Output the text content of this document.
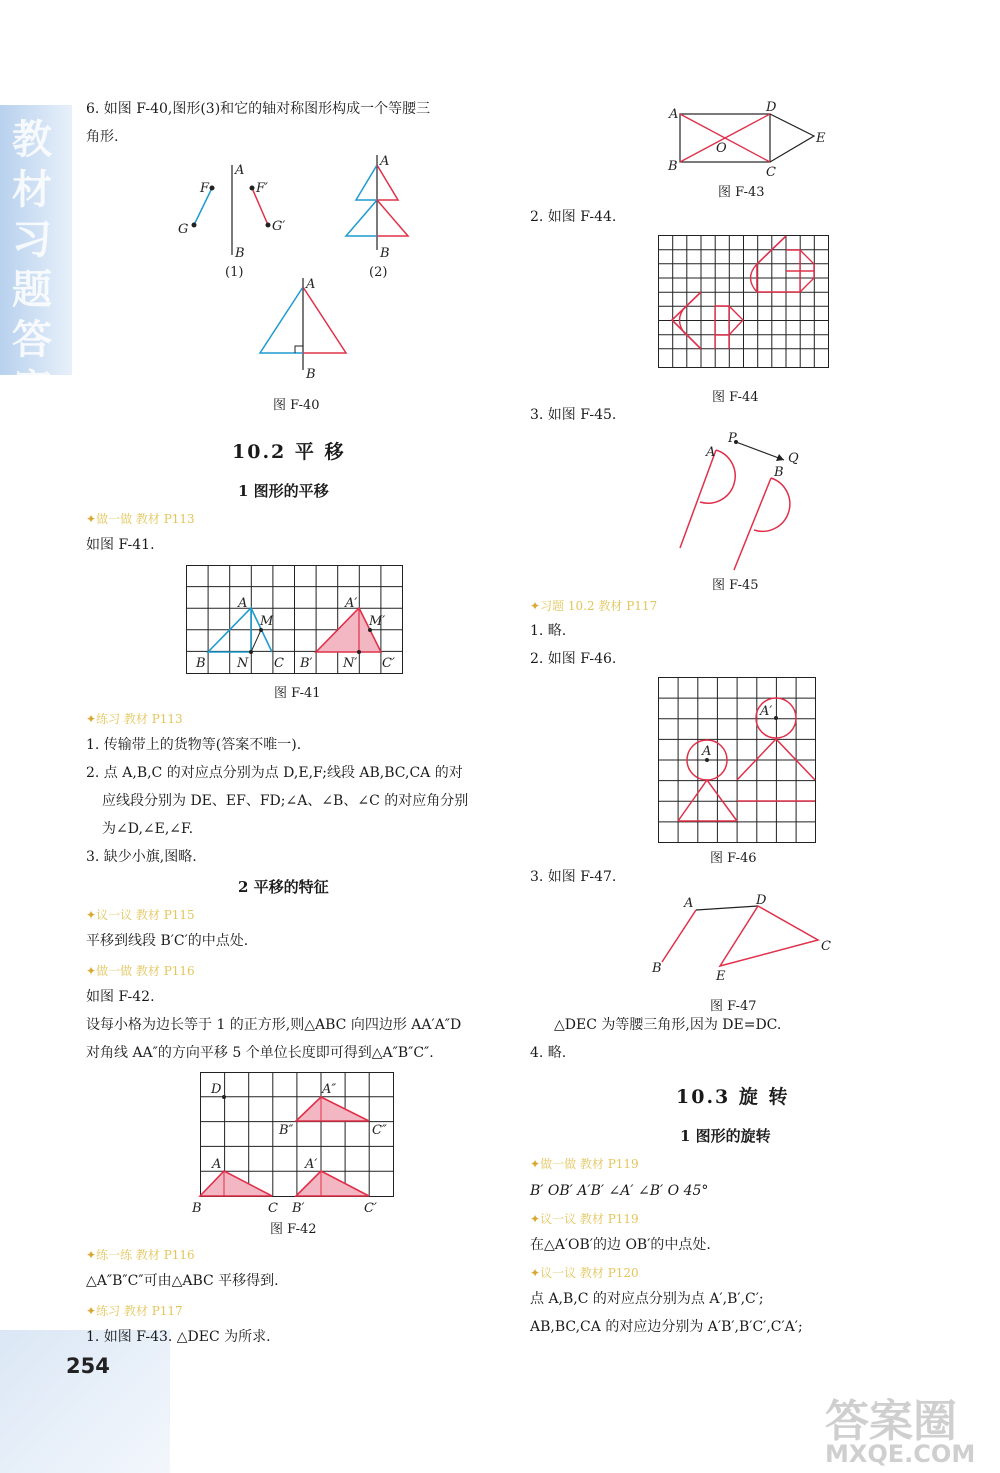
教材习题答案详解
254
答案圈
MXQE.COM
6. 如图 F-40,图形(3)和它的轴对称图形构成一个等腰三
角形.
A
B
F
G
F′
G′
(1)
A
B
(2)
A
B
图 F-40
10.2 平 移
1 图形的平移
✦ 做一做 教材 P113
如图 F-41.
A
B	C
M
N
A′
B′	C′
M′
N′
图 F-41
✦ 练习 教材 P113
1. 传输带上的货物等(答案不唯一).
2. 点 A,B,C 的对应点分别为点 D,E,F;线段 AB,BC,CA 的对
应线段分别为 DE、EF、FD;∠A、∠B、∠C 的对应角分别
为∠D,∠E,∠F.
3. 缺少小旗,图略.
2 平移的特征
✦ 议一议 教材 P115
平移到线段 B′C′的中点处.
✦ 做一做 教材 P116
如图 F-42.
设每小格为边长等于 1 的正方形,则△ABC 向四边形 AA′A″D
对角线 AA″的方向平移 5 个单位长度即可得到△A″B″C″.
D	A″
B″	C″
A	A′
B	C B′	C′
图 F-42
✦ 练一练 教材 P116
△A″B″C″可由△ABC 平移得到.
✦ 练习 教材 P117
1. 如图 F-43. △DEC 为所求.
A	D
E
B	C
O
图 F-43
2. 如图 F-44.
图 F-44
3. 如图 F-45.
P
Q
A
B
图 F-45
✦ 习题 10.2 教材 P117
1. 略.
2. 如图 F-46.
A
A′
图 F-46
3. 如图 F-47.
A	D
C
B
E
图 F-47
△DEC 为等腰三角形,因为 DE=DC.
4. 略.
10.3 旋 转
1 图形的旋转
✦ 做一做 教材 P119
B′ OB′ A′B′ ∠A′ ∠B′ O 45°
✦ 议一议 教材 P119
在△A′OB′的边 OB′的中点处.
✦ 议一议 教材 P120
点 A,B,C 的对应点分别为点 A′,B′,C′;
AB,BC,CA 的对应边分别为 A′B′,B′C′,C′A′;
